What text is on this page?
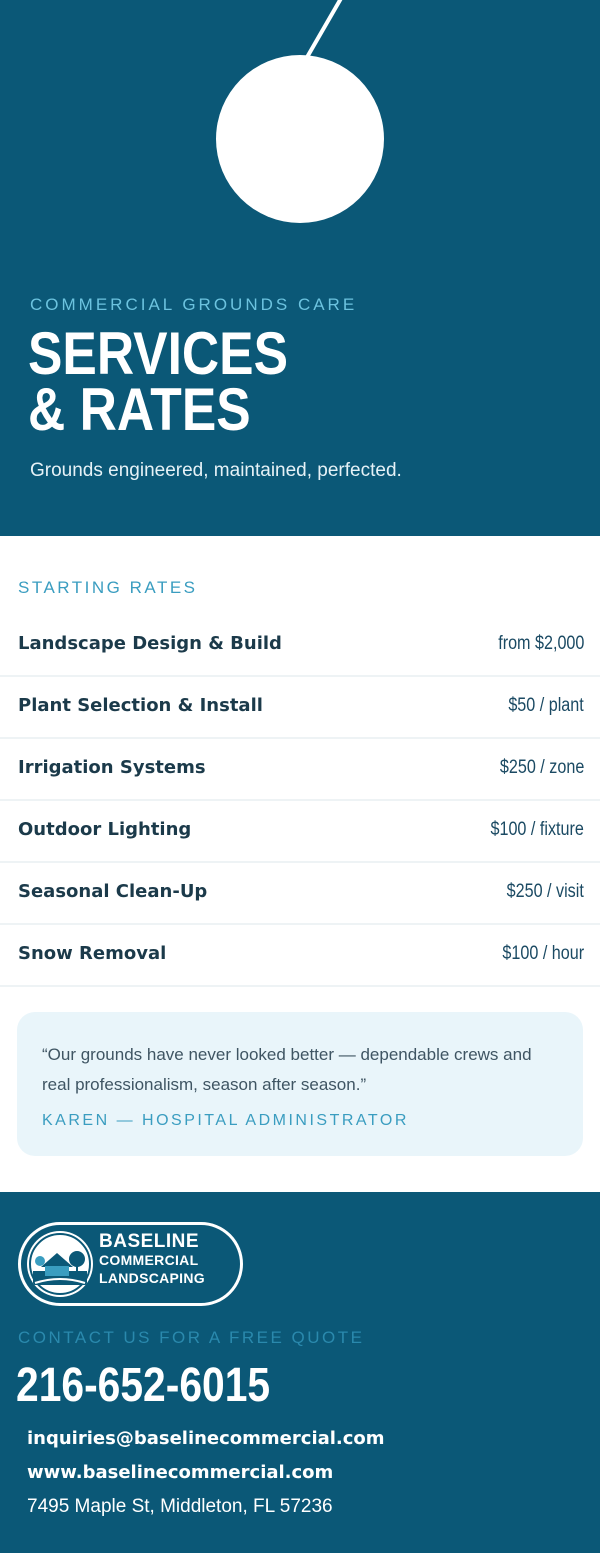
COMMERCIAL GROUNDS CARE
SERVICES
& RATES
Grounds engineered, maintained, perfected.
STARTING RATES
Landscape Design & Build	from $2,000
Plant Selection & Install	$50 / plant
Irrigation Systems	$250 / zone
Outdoor Lighting	$100 / fixture
Seasonal Clean-Up	$250 / visit
Snow Removal	$100 / hour
“Our grounds have never looked better — dependable crews and real professionalism, season after season.”
KAREN — HOSPITAL ADMINISTRATOR
BASELINE
COMMERCIAL
LANDSCAPING
CONTACT US FOR A FREE QUOTE
216-652-6015
inquiries@baselinecommercial.com
www.baselinecommercial.com
7495 Maple St, Middleton, FL 57236
